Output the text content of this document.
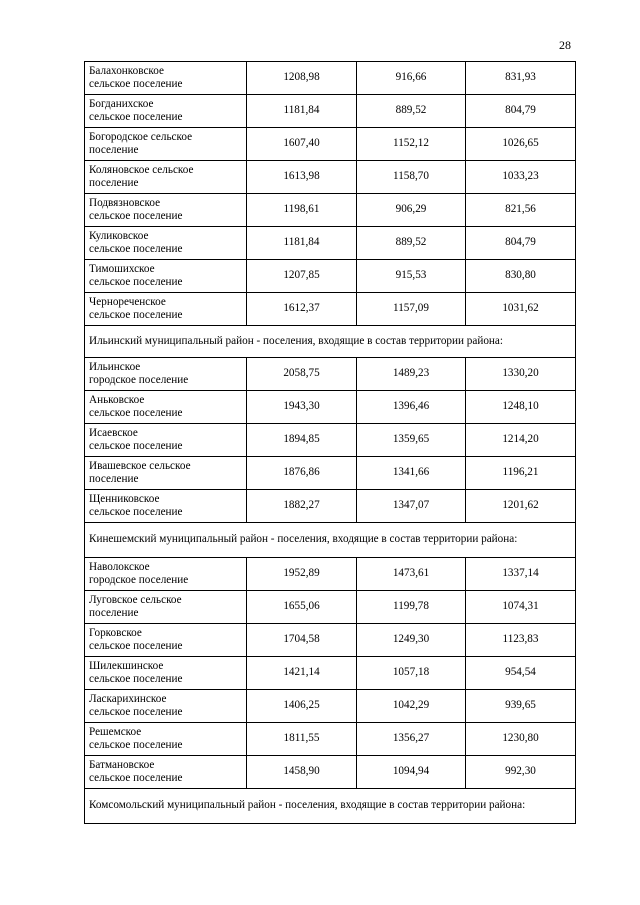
28
Балахонковское
сельское поселение	1208,98	916,66	831,93
Богданихское
сельское поселение	1181,84	889,52	804,79
Богородское сельское
поселение	1607,40	1152,12	1026,65
Коляновское сельское
поселение	1613,98	1158,70	1033,23
Подвязновское
сельское поселение	1198,61	906,29	821,56
Куликовское
сельское поселение	1181,84	889,52	804,79
Тимошихское
сельское поселение	1207,85	915,53	830,80
Чернореченское
сельское поселение	1612,37	1157,09	1031,62
Ильинский муниципальный район - поселения, входящие в состав территории района:			
Ильинское
городское поселение	2058,75	1489,23	1330,20
Аньковское
сельское поселение	1943,30	1396,46	1248,10
Исаевское
сельское поселение	1894,85	1359,65	1214,20
Ивашевское сельское
поселение	1876,86	1341,66	1196,21
Щенниковское
сельское поселение	1882,27	1347,07	1201,62
Кинешемский муниципальный район - поселения, входящие в состав территории района:			
Наволокское
городское поселение	1952,89	1473,61	1337,14
Луговское сельское
поселение	1655,06	1199,78	1074,31
Горковское
сельское поселение	1704,58	1249,30	1123,83
Шилекшинское
сельское поселение	1421,14	1057,18	954,54
Ласкарихинское
сельское поселение	1406,25	1042,29	939,65
Решемское
сельское поселение	1811,55	1356,27	1230,80
Батмановское
сельское поселение	1458,90	1094,94	992,30
Комсомольский муниципальный район - поселения, входящие в состав территории района:			
